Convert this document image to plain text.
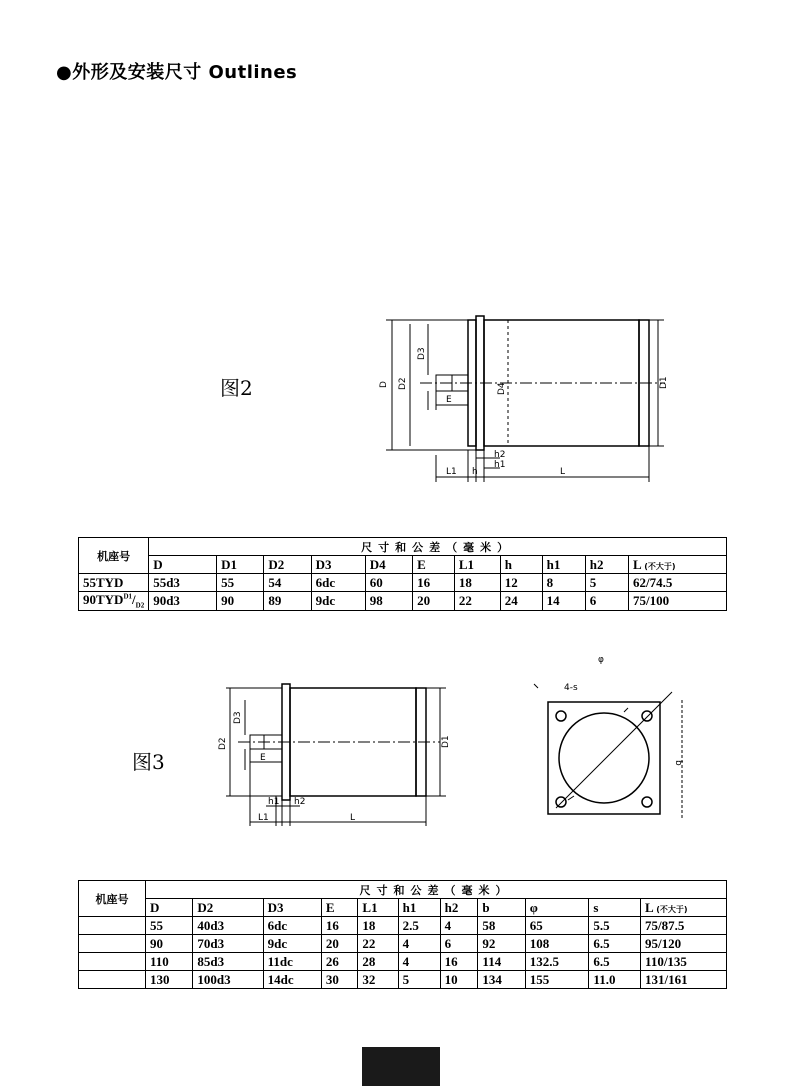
●外形及安装尺寸 Outlines
图2	D D2
D3
D4	D1
E
L1 h
h2
h1
L
机座号	尺寸和公差（毫米）										
	D	D1	D2	D3	D4	E	L1	h	h1	h2	L (不大于)
55TYD	55d3	55	54	6dc	60	16	18	12	8	5	62/74.5
$90TYD^{D1}/_{D2}$	90d3	90	89	9dc	98	20	22	24	14	6	75/100
图3
D2
D3
D1
E
h1 h2
L1	L
φ
4-s
b
机座号	尺寸和公差（毫米）										
	D	D2	D3	E	L1	h1	h2	b	φ	s	L (不大于)
	55	40d3	6dc	16	18	2.5	4	58	65	5.5	75/87.5
	90	70d3	9dc	20	22	4	6	92	108	6.5	95/120
	110	85d3	11dc	26	28	4	16	114	132.5	6.5	110/135
	130	100d3	14dc	30	32	5	10	134	155	11.0	131/161
